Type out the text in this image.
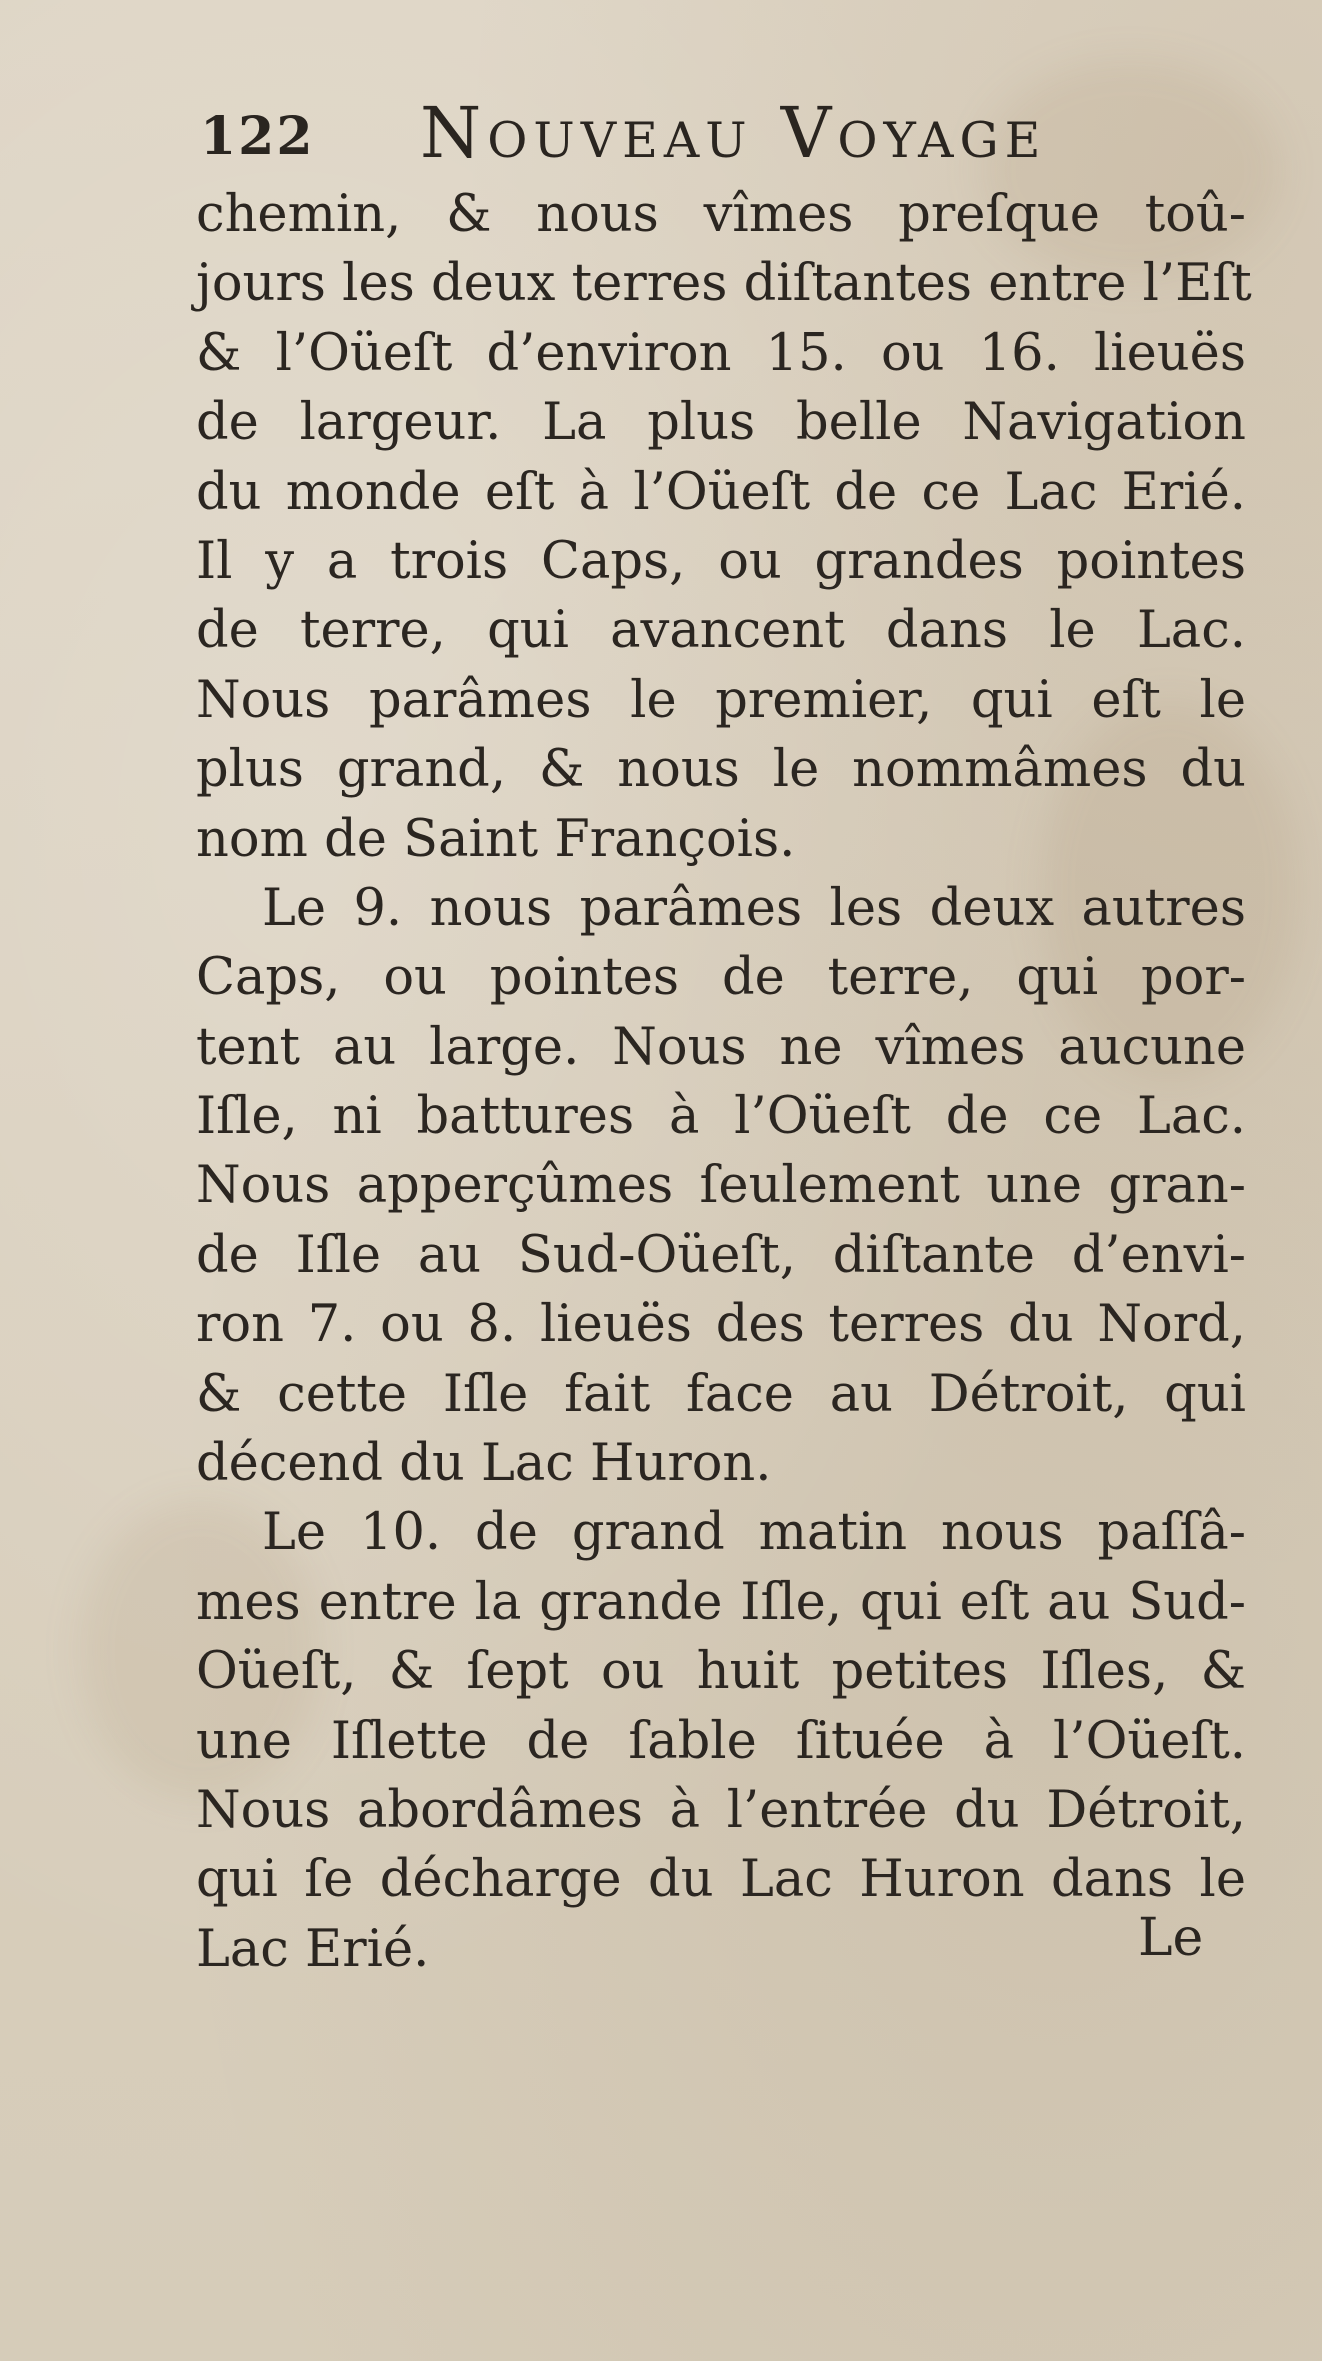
122 Nouveau Voyage
chemin, & nous vîmes preſque toû-
jours les deux terres diſtantes entre l’Eſt
& l’Oüeſt d’environ 15. ou 16. lieuës
de largeur. La plus belle Navigation
du monde eſt à l’Oüeſt de ce Lac Erié.
Il y a trois Caps, ou grandes pointes
de terre, qui avancent dans le Lac.
Nous parâmes le premier, qui eſt le
plus grand, & nous le nommâmes du
nom de Saint François.
Le 9. nous parâmes les deux autres
Caps, ou pointes de terre, qui por-
tent au large. Nous ne vîmes aucune
Iſle, ni battures à l’Oüeſt de ce Lac.
Nous apperçûmes ſeulement une gran-
de Iſle au Sud-Oüeſt, diſtante d’envi-
ron 7. ou 8. lieuës des terres du Nord,
& cette Iſle fait face au Détroit, qui
décend du Lac Huron.
Le 10. de grand matin nous paſſâ-
mes entre la grande Iſle, qui eſt au Sud-
Oüeſt, & ſept ou huit petites Iſles, &
une Iſlette de ſable ſituée à l’Oüeſt.
Nous abordâmes à l’entrée du Détroit,
qui ſe décharge du Lac Huron dans le
Lac Erié.	Le
